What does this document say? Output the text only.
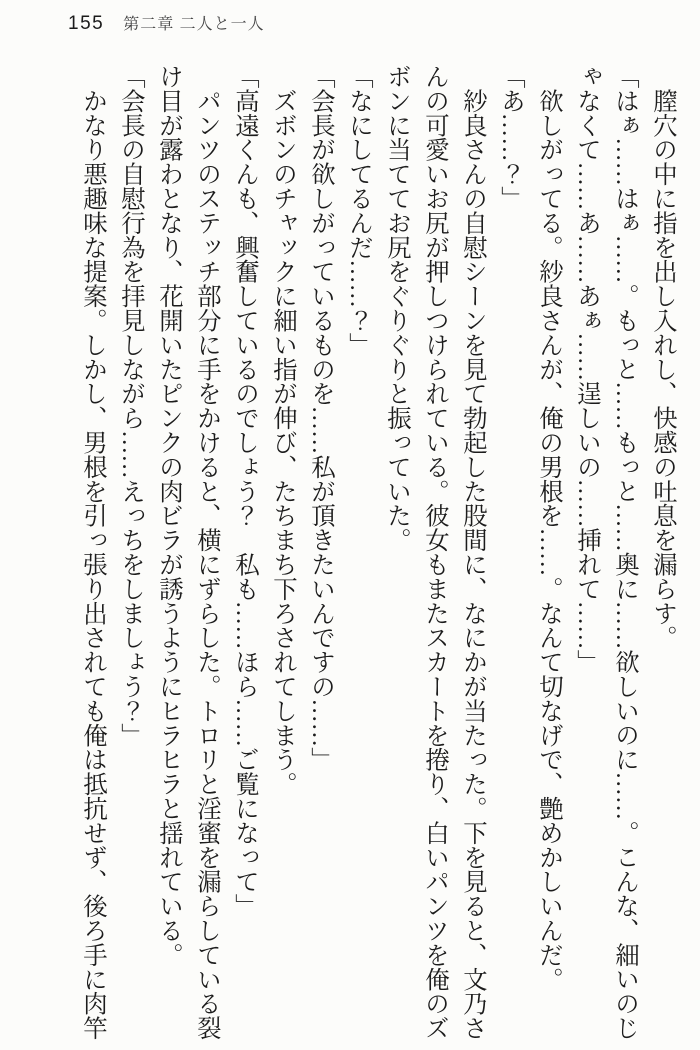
155 第二章 二人と一人

　膣穴の中に指を出し入れし、快感の吐息を漏らす。

「はぁ……はぁ……。もっと……もっと……奥に……欲しいのに……。こんな、細いのじゃなくて……あ……あぁ……逞しいの……挿れて……」

　欲しがってる。紗良さんが、俺の男根を……。なんて切なげで、艶めかしいんだ。

「あ……？」

　紗良さんの自慰シーンを見て勃起した股間に、なにかが当たった。下を見ると、文乃さんの可愛いお尻が押しつけられている。彼女もまたスカートを捲り、白いパンツを俺のズボンに当ててお尻をぐりぐりと振っていた。

「なにしてるんだ……？」

「会長が欲しがっているものを……私が頂きたいんですの……」

　ズボンのチャックに細い指が伸び、たちまち下ろされてしまう。

「高遠くんも、興奮しているのでしょう？　私も……ほら……ご覧になって」

　パンツのステッチ部分に手をかけると、横にずらした。トロリと淫蜜を漏らしている裂け目が露わとなり、花開いたピンクの肉ビラが誘うようにヒラヒラと揺れている。

「会長の自慰行為を拝見しながら……えっちをしましょう？」

　かなり悪趣味な提案。しかし、男根を引っ張り出されても俺は抵抗せず、後ろ手に肉竿
